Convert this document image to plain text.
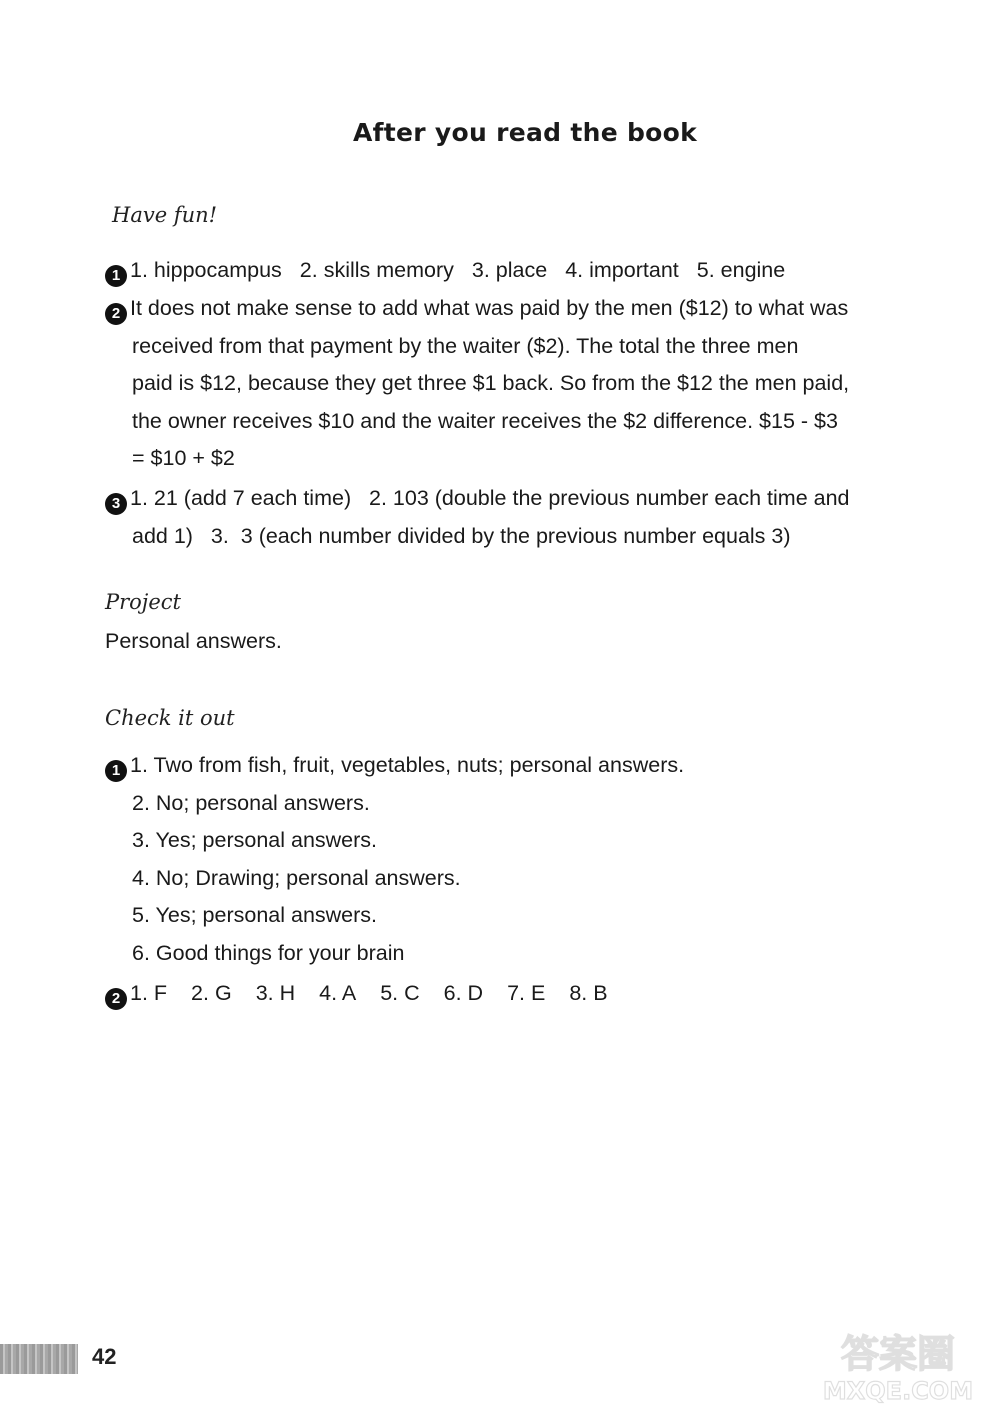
After you read the book
Have fun!
1 1. hippocampus 2. skills memory 3. place 4. important 5. engine
2 It does not make sense to add what was paid by the men ($12) to what was
received from that payment by the waiter ($2). The total the three men
paid is $12, because they get three $1 back. So from the $12 the men paid,
the owner receives $10 and the waiter receives the $2 difference. $15 - $3
= $10 + $2
3 1. 21 (add 7 each time)   2. 103 (double the previous number each time and
add 1)   3.  3 (each number divided by the previous number equals 3)
Project
Personal answers.
Check it out
1 1. Two from fish, fruit, vegetables, nuts; personal answers.
2. No; personal answers.
3. Yes; personal answers.
4. No; Drawing; personal answers.
5. Yes; personal answers.
6. Good things for your brain
2 1. F 2. G 3. H 4. A 5. C 6. D 7. E 8. B
42	答案圈
MXQE.COM
